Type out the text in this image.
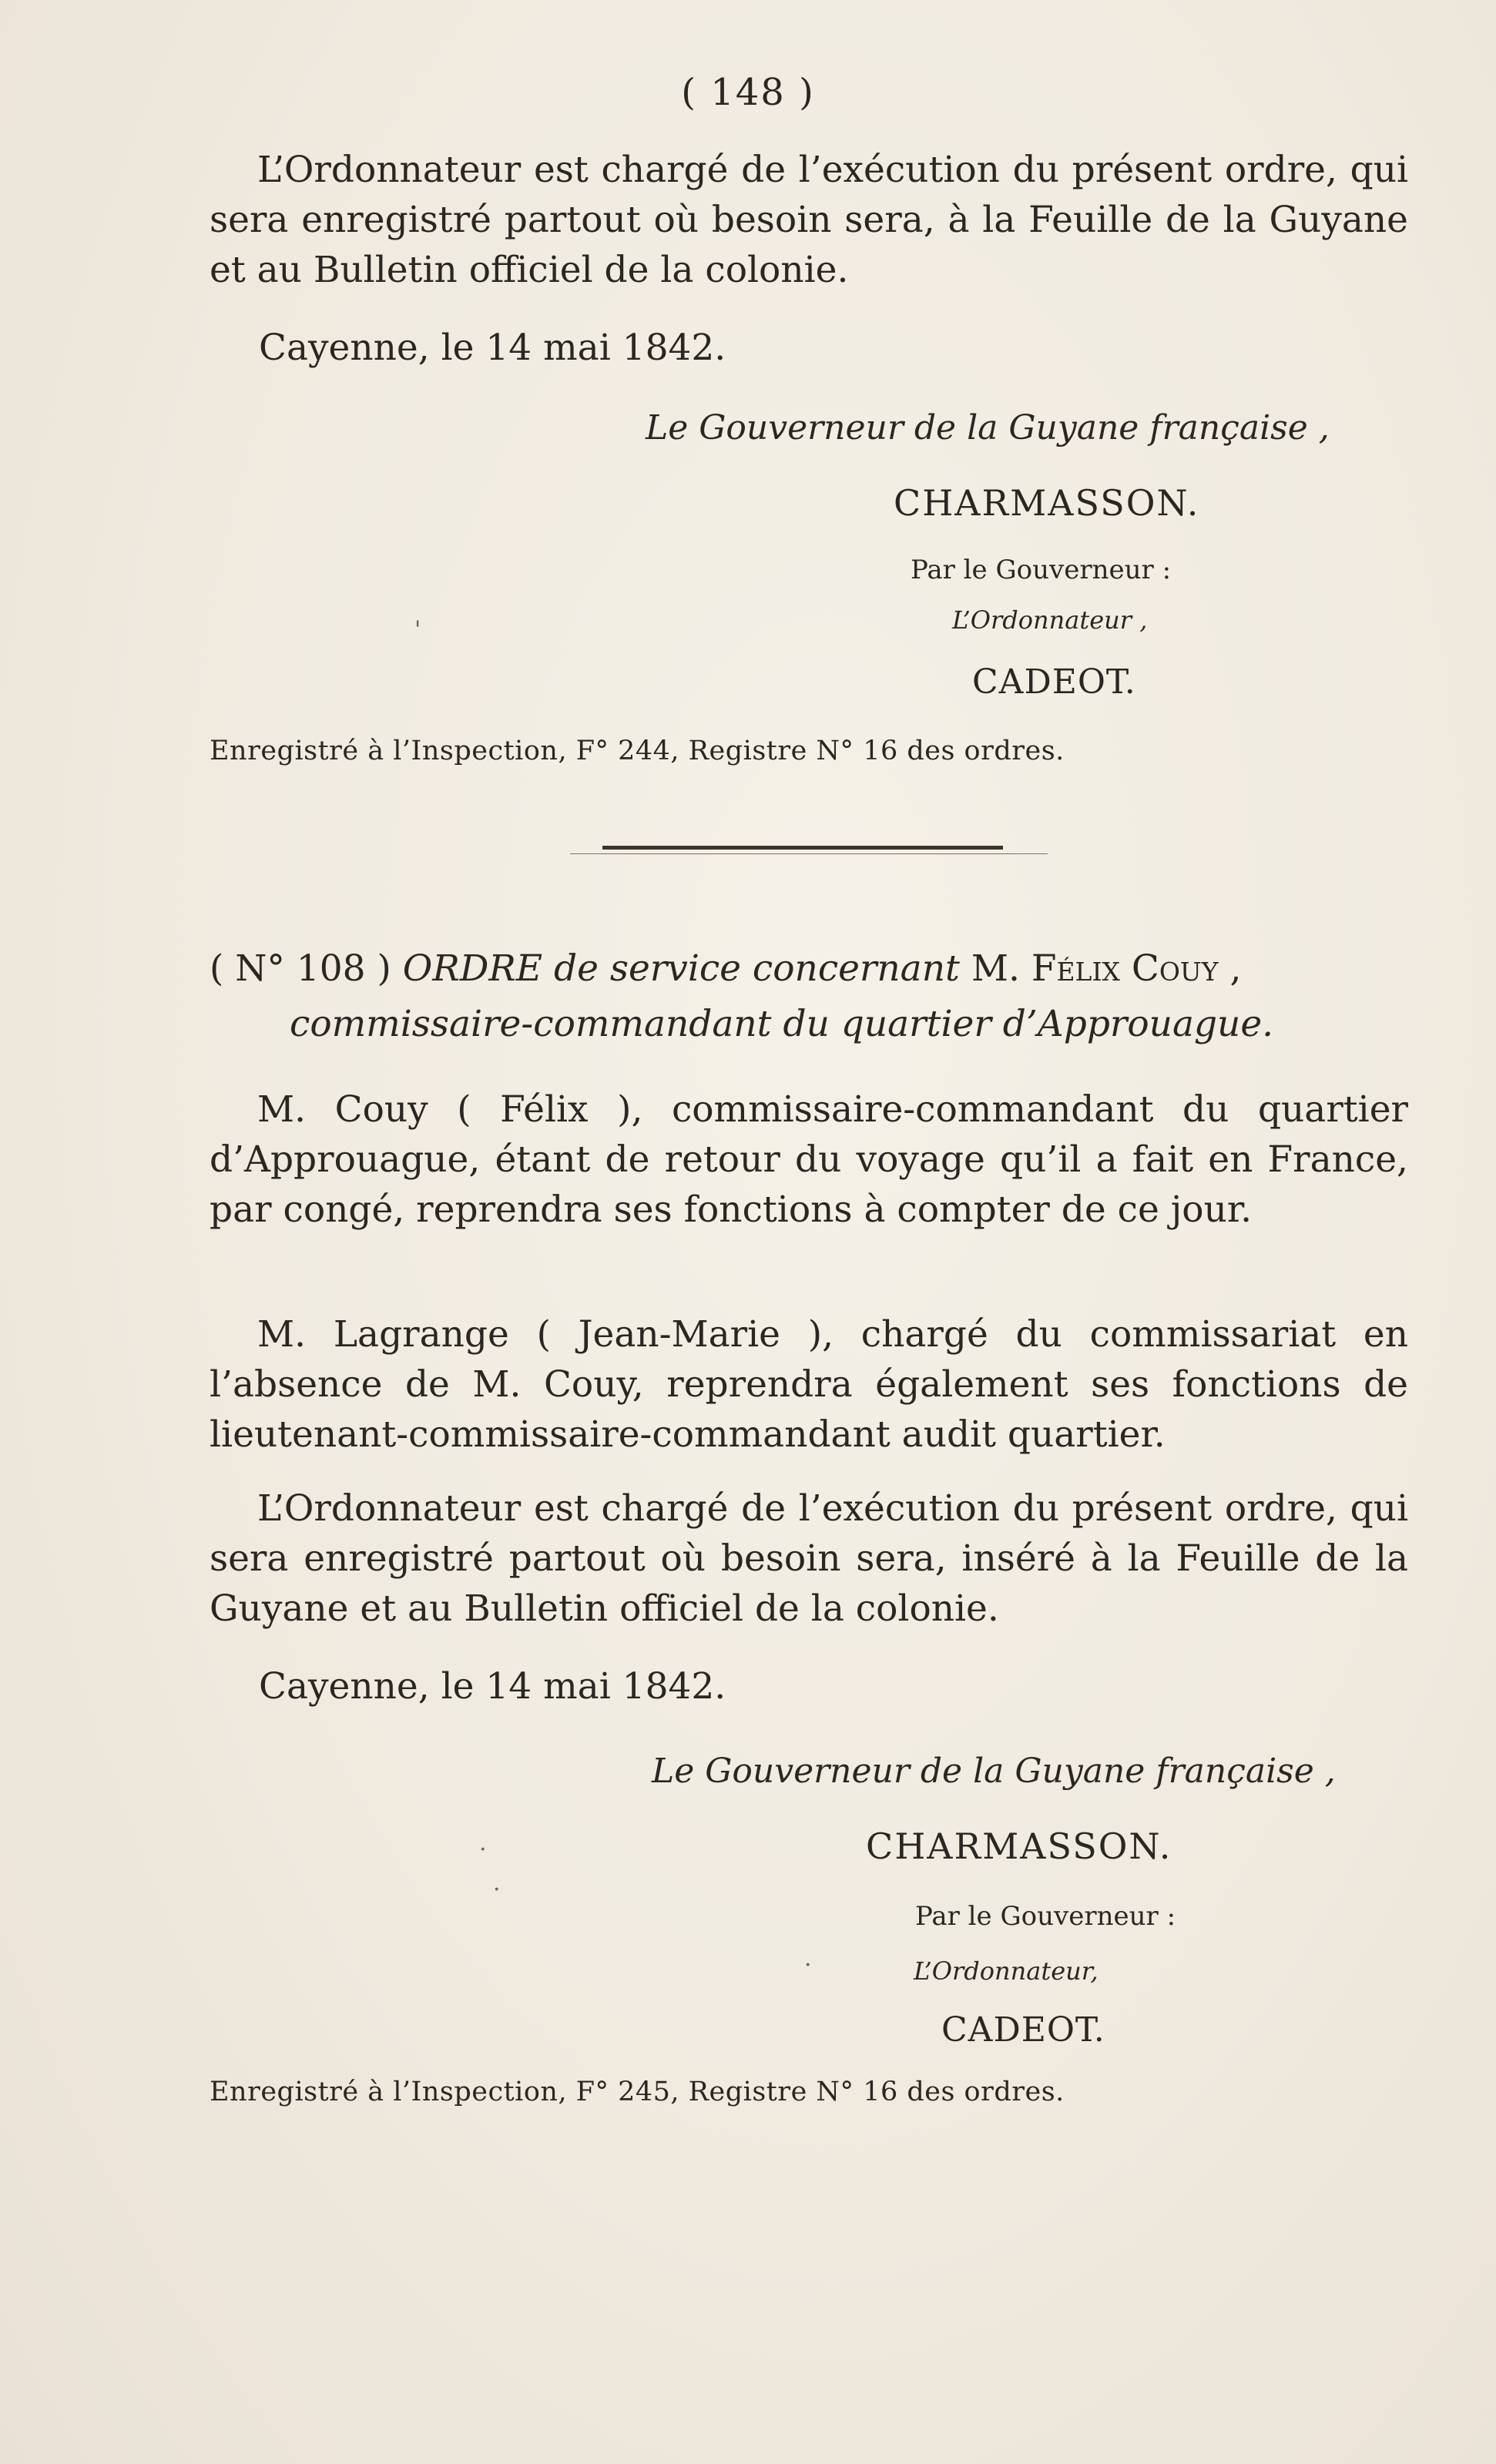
( 148 )

L’Ordonnateur est chargé de l’exécution du présent ordre, qui sera enregistré partout où besoin sera, à la Feuille de la Guyane et au Bulletin officiel de la colonie.

Cayenne, le 14 mai 1842.
Le Gouverneur de la Guyane française ,
CHARMASSON.
Par le Gouverneur :
L’Ordonnateur ,
CADEOT.
Enregistré à l’Inspection, F° 244, Registre N° 16 des ordres.
'
( N° 108 ) ORDRE de service concernant M. Félix Couy ,
commissaire-commandant du quartier d’Approuague.

M. Couy ( Félix ), commissaire-commandant du quartier d’Approuague, étant de retour du voyage qu’il a fait en France, par congé, reprendra ses fonctions à compter de ce jour.

M. Lagrange ( Jean-Marie ), chargé du commissariat en l’absence de M. Couy, reprendra également ses fonctions de lieutenant-commissaire-commandant audit quartier.

L’Ordonnateur est chargé de l’exécution du présent ordre, qui sera enregistré partout où besoin sera, inséré à la Feuille de la Guyane et au Bulletin officiel de la colonie.

Cayenne, le 14 mai 1842.
Le Gouverneur de la Guyane française ,
CHARMASSON.
Par le Gouverneur :
L’Ordonnateur,
CADEOT.
Enregistré à l’Inspection, F° 245, Registre N° 16 des ordres.
·
·
·
